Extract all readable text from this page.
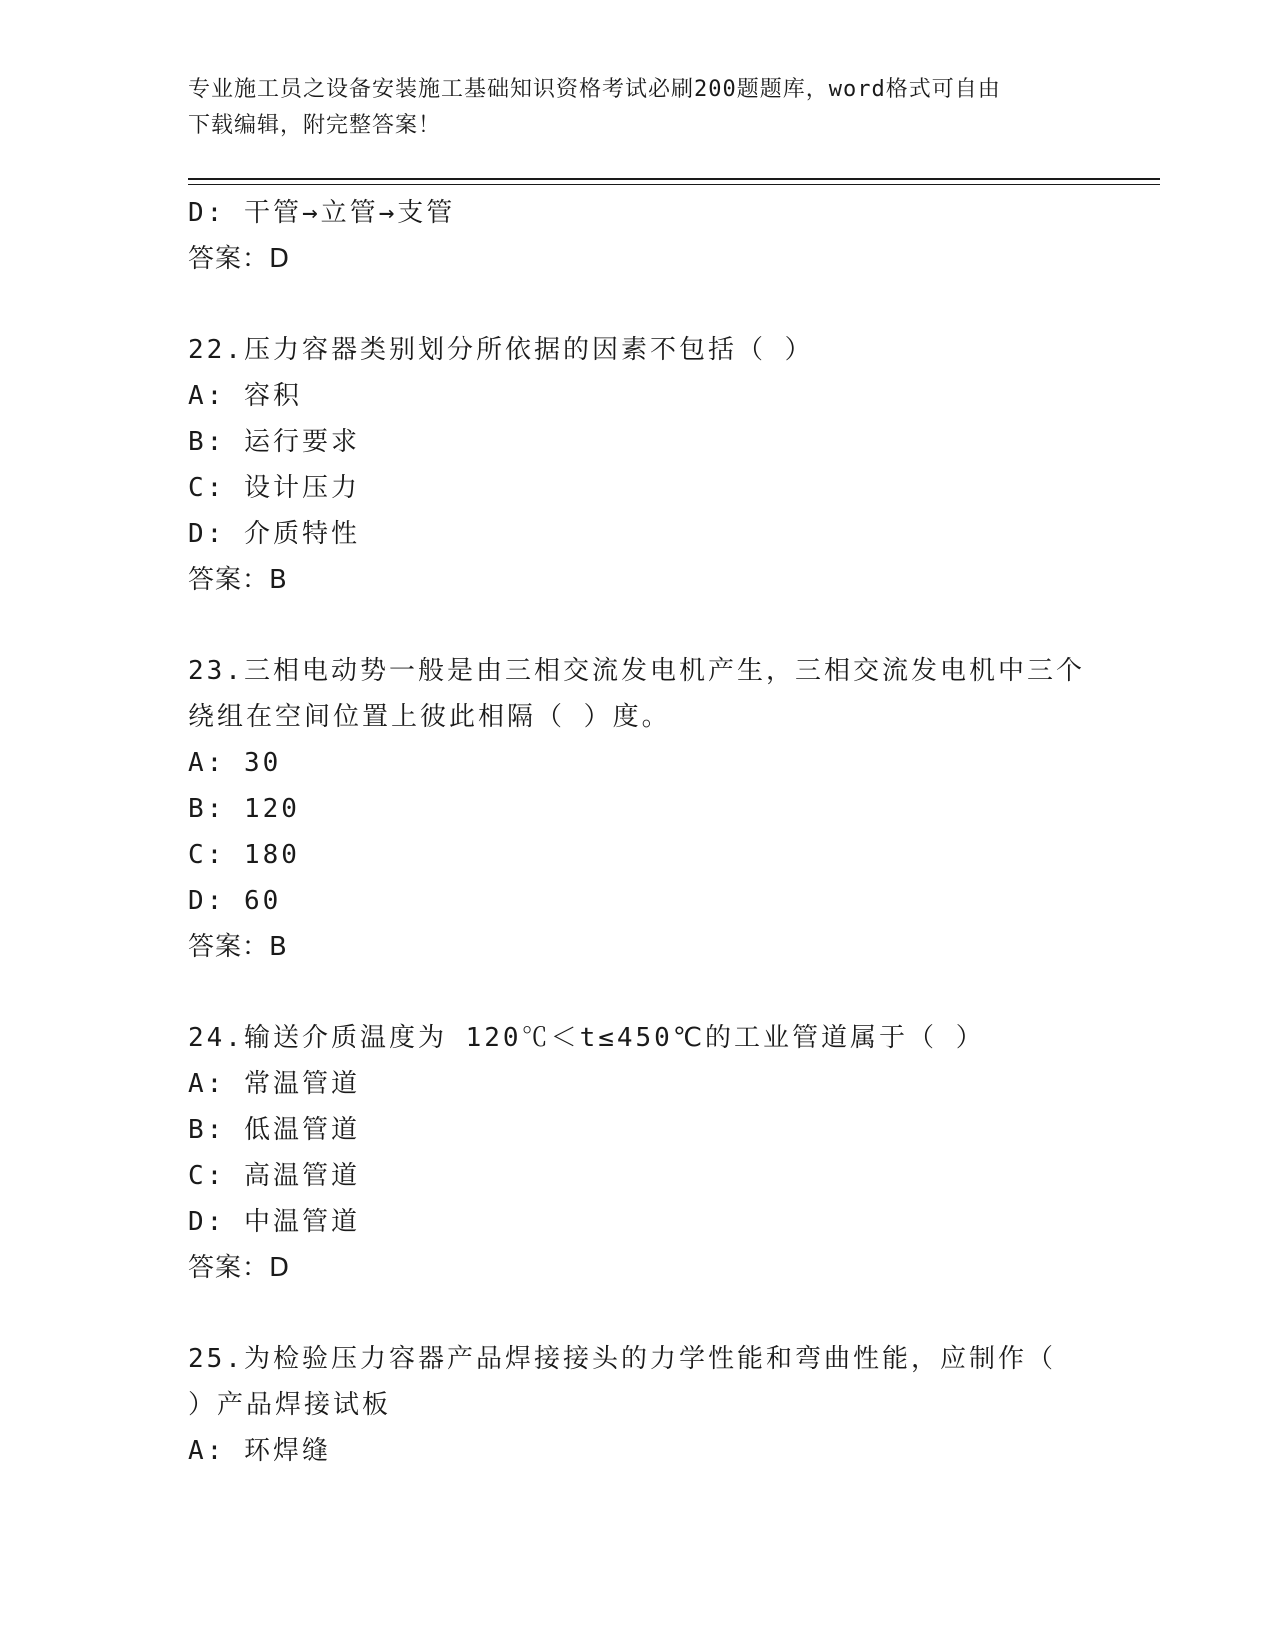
专业施工员之设备安装施工基础知识资格考试必刷200题题库，word格式可自由
下载编辑，附完整答案！
D: 干管→立管→支管
答案：D
22.压力容器类别划分所依据的因素不包括（ ）
A: 容积
B: 运行要求
C: 设计压力
D: 介质特性
答案：B
23.三相电动势一般是由三相交流发电机产生，三相交流发电机中三个
绕组在空间位置上彼此相隔（ ）度。
A: 30
B: 120
C: 180
D: 60
答案：B
24.输送介质温度为 120℃＜t≤450℃的工业管道属于（ ）
A: 常温管道
B: 低温管道
C: 高温管道
D: 中温管道
答案：D
25.为检验压力容器产品焊接接头的力学性能和弯曲性能，应制作（
）产品焊接试板
A: 环焊缝
